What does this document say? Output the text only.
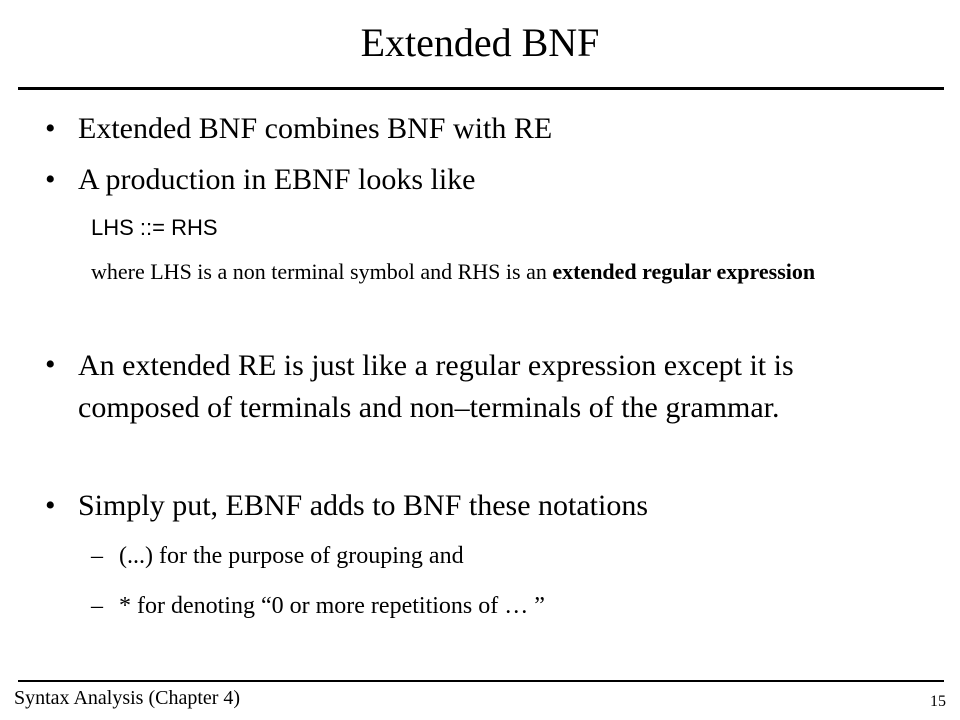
Extended BNF
• Extended BNF combines BNF with RE
• A production in EBNF looks like
LHS ::= RHS
where LHS is a non terminal symbol and RHS is an extended regular expression
• An extended RE is just like a regular expression except it is composed of terminals and non–terminals of the grammar.
• Simply put, EBNF adds to BNF these notations
– (...) for the purpose of grouping and
– * for denoting “0 or more repetitions of … ”
Syntax Analysis (Chapter 4)	15
